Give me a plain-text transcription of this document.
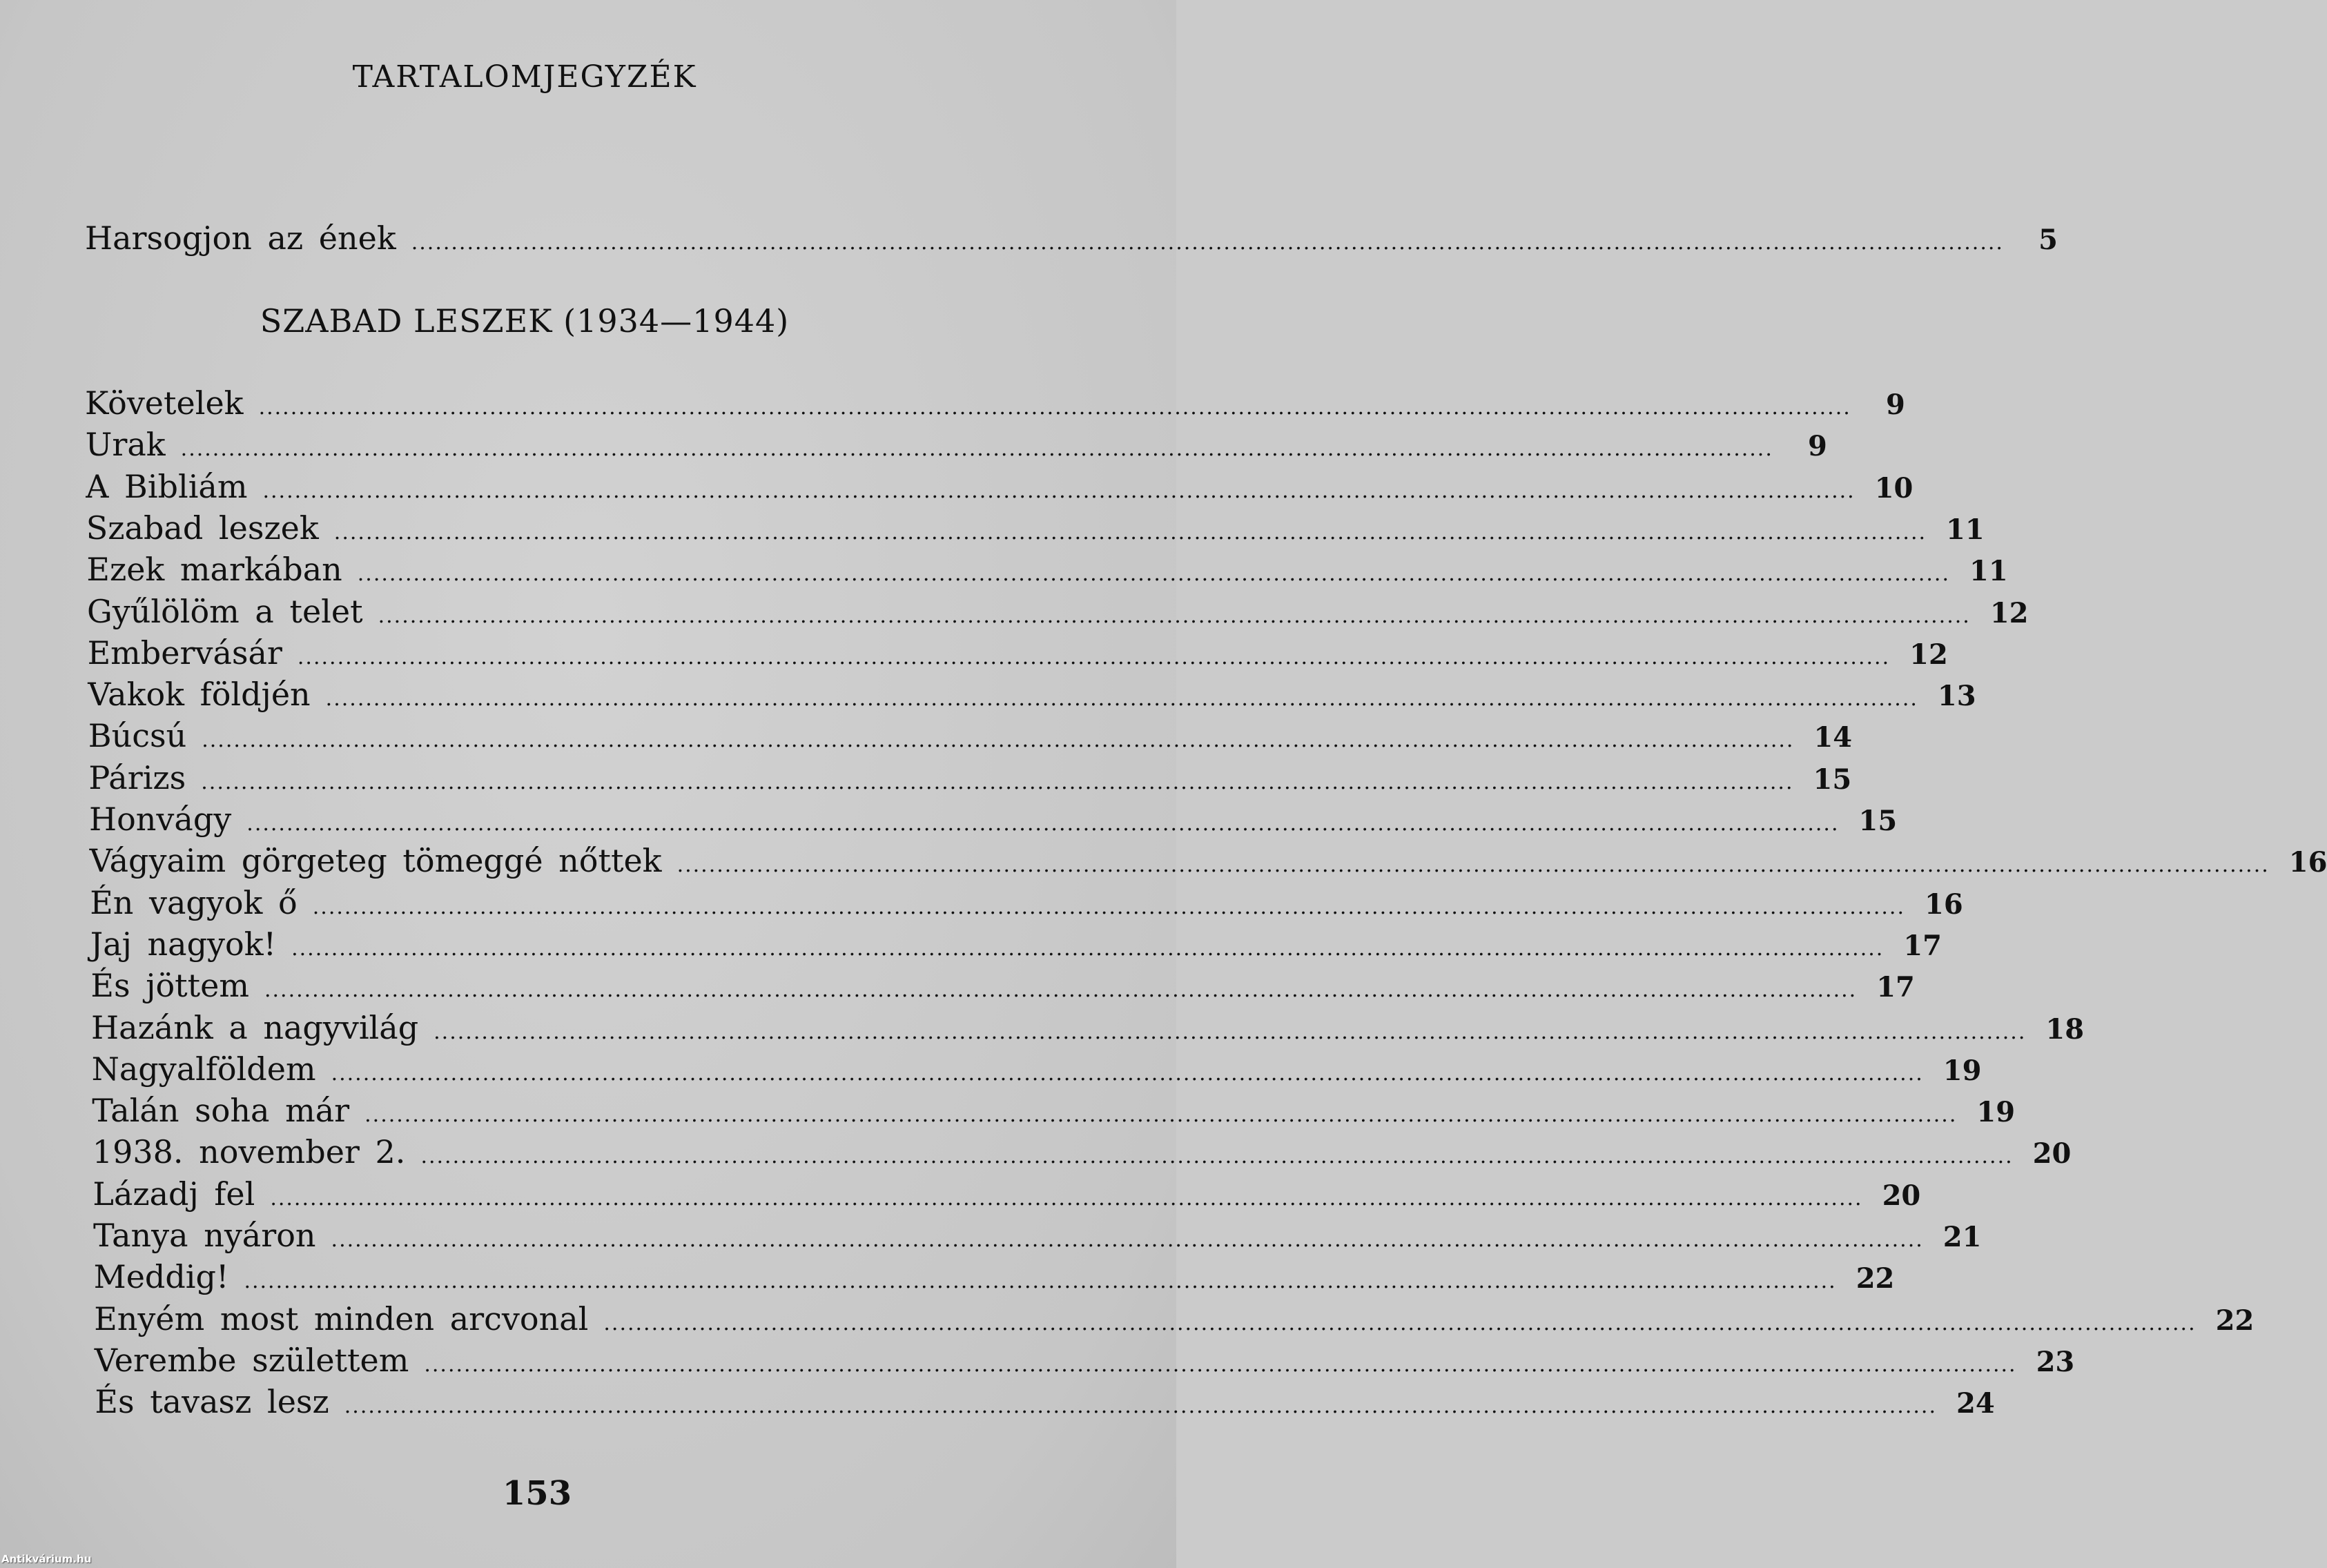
TARTALOMJEGYZÉK
Harsogjon az ének ........................................................................................................................................................................................................	5
SZABAD LESZEK (1934—1944)
Követelek ........................................................................................................................................................................................................	9
Urak ........................................................................................................................................................................................................	9
A Bibliám ........................................................................................................................................................................................................ 10
Szabad leszek ........................................................................................................................................................................................................ 11
Ezek markában ........................................................................................................................................................................................................ 11
Gyűlölöm a telet ........................................................................................................................................................................................................ 12
Embervásár ........................................................................................................................................................................................................ 12
Vakok földjén ........................................................................................................................................................................................................ 13
Búcsú ........................................................................................................................................................................................................ 14
Párizs ........................................................................................................................................................................................................ 15
Honvágy ........................................................................................................................................................................................................ 15
Vágyaim görgeteg tömeggé nőttek ........................................................................................................................................................................................................ 16
Én vagyok ő ........................................................................................................................................................................................................ 16
Jaj nagyok! ........................................................................................................................................................................................................ 17
És jöttem ........................................................................................................................................................................................................ 17
Hazánk a nagyvilág ........................................................................................................................................................................................................ 18
Nagyalföldem ........................................................................................................................................................................................................ 19
Talán soha már ........................................................................................................................................................................................................ 19
1938. november 2. ........................................................................................................................................................................................................ 20
Lázadj fel ........................................................................................................................................................................................................ 20
Tanya nyáron ........................................................................................................................................................................................................ 21
Meddig! ........................................................................................................................................................................................................ 22
Enyém most minden arcvonal ........................................................................................................................................................................................................ 22
Verembe születtem ........................................................................................................................................................................................................ 23
És tavasz lesz ........................................................................................................................................................................................................ 24
153
Antikvárium.hu
